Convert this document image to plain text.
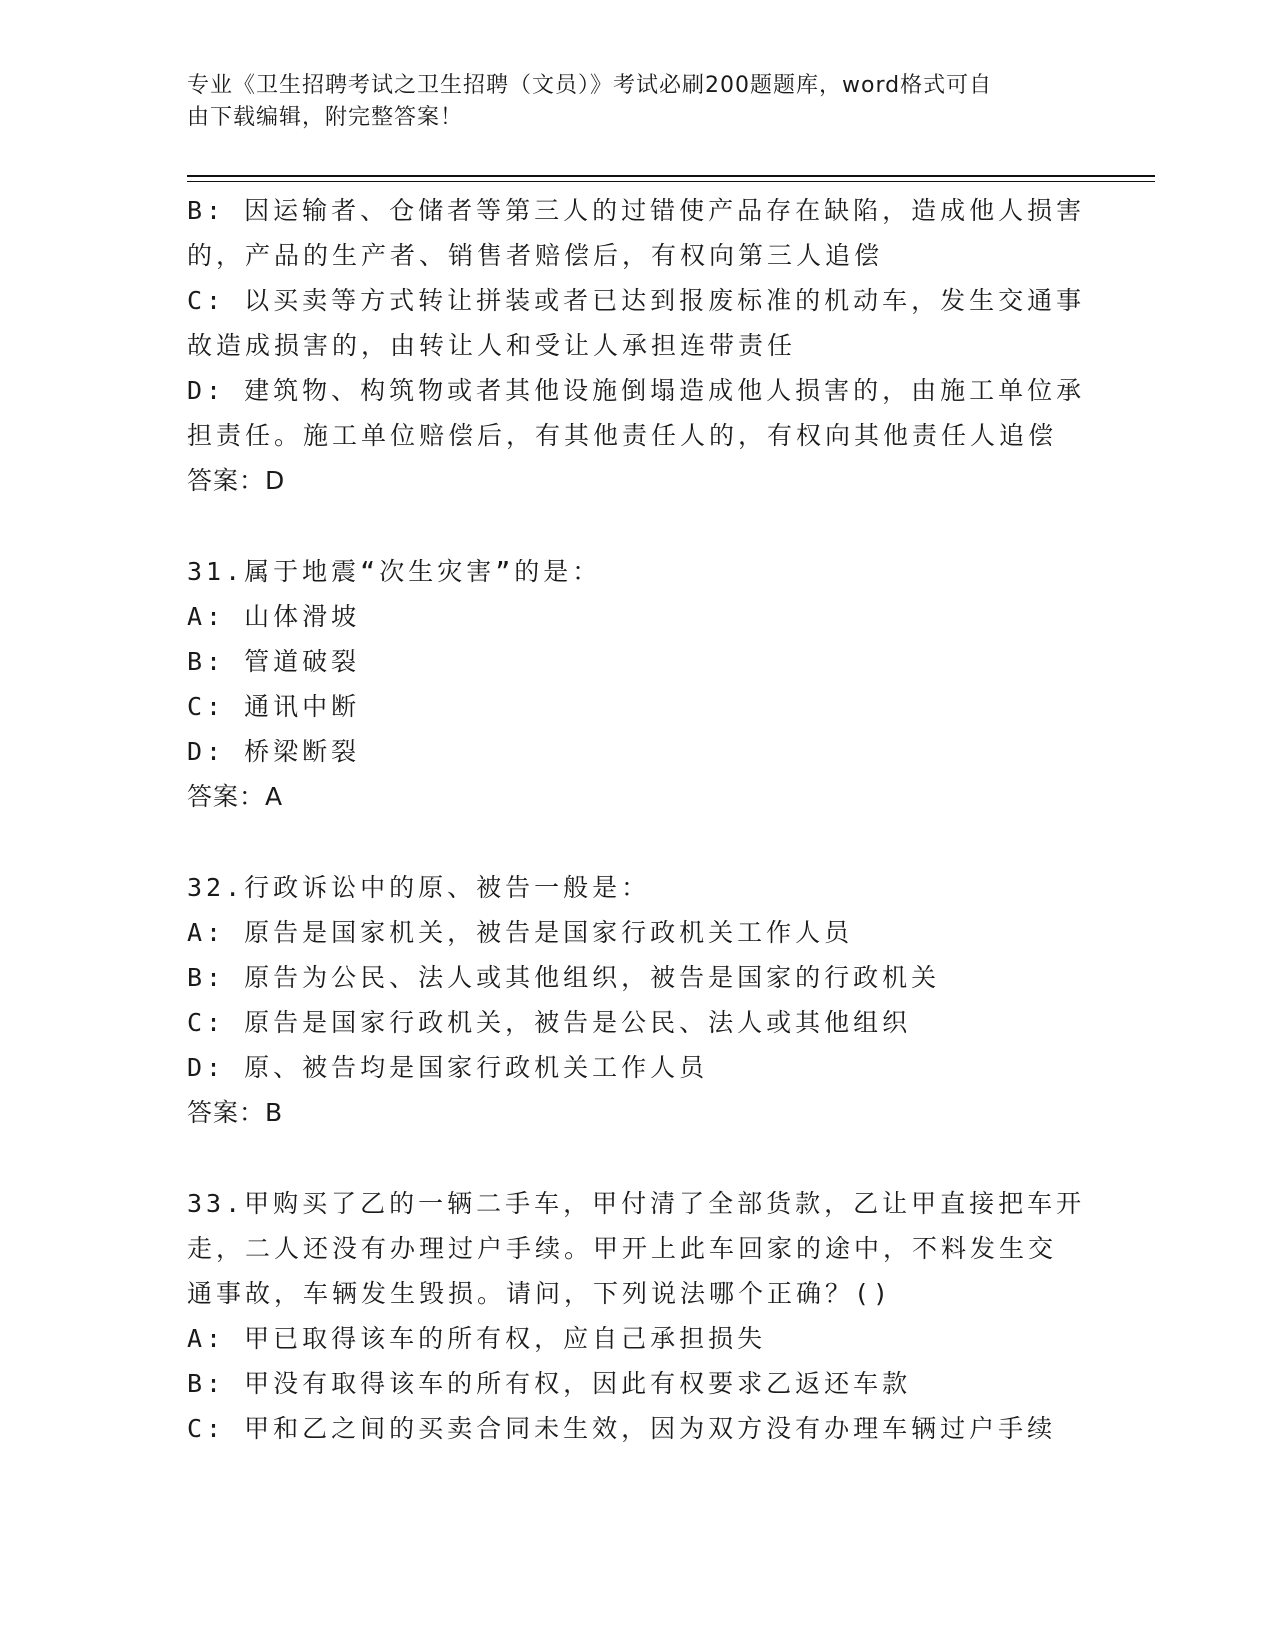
专业《卫生招聘考试之卫生招聘（文员）》考试必刷200题题库，word格式可自
由下载编辑，附完整答案！

B: 因运输者、仓储者等第三人的过错使产品存在缺陷，造成他人损害

的，产品的生产者、销售者赔偿后，有权向第三人追偿

C: 以买卖等方式转让拼装或者已达到报废标准的机动车，发生交通事

故造成损害的，由转让人和受让人承担连带责任

D: 建筑物、构筑物或者其他设施倒塌造成他人损害的，由施工单位承

担责任。施工单位赔偿后，有其他责任人的，有权向其他责任人追偿

答案：D

31.属于地震“次生灾害”的是：

A: 山体滑坡

B: 管道破裂

C: 通讯中断

D: 桥梁断裂

答案：A

32.行政诉讼中的原、被告一般是：

A: 原告是国家机关，被告是国家行政机关工作人员

B: 原告为公民、法人或其他组织，被告是国家的行政机关

C: 原告是国家行政机关，被告是公民、法人或其他组织

D: 原、被告均是国家行政机关工作人员

答案：B

33.甲购买了乙的一辆二手车，甲付清了全部货款，乙让甲直接把车开

走，二人还没有办理过户手续。甲开上此车回家的途中，不料发生交

通事故，车辆发生毁损。请问，下列说法哪个正确？()

A: 甲已取得该车的所有权，应自己承担损失

B: 甲没有取得该车的所有权，因此有权要求乙返还车款

C: 甲和乙之间的买卖合同未生效，因为双方没有办理车辆过户手续
